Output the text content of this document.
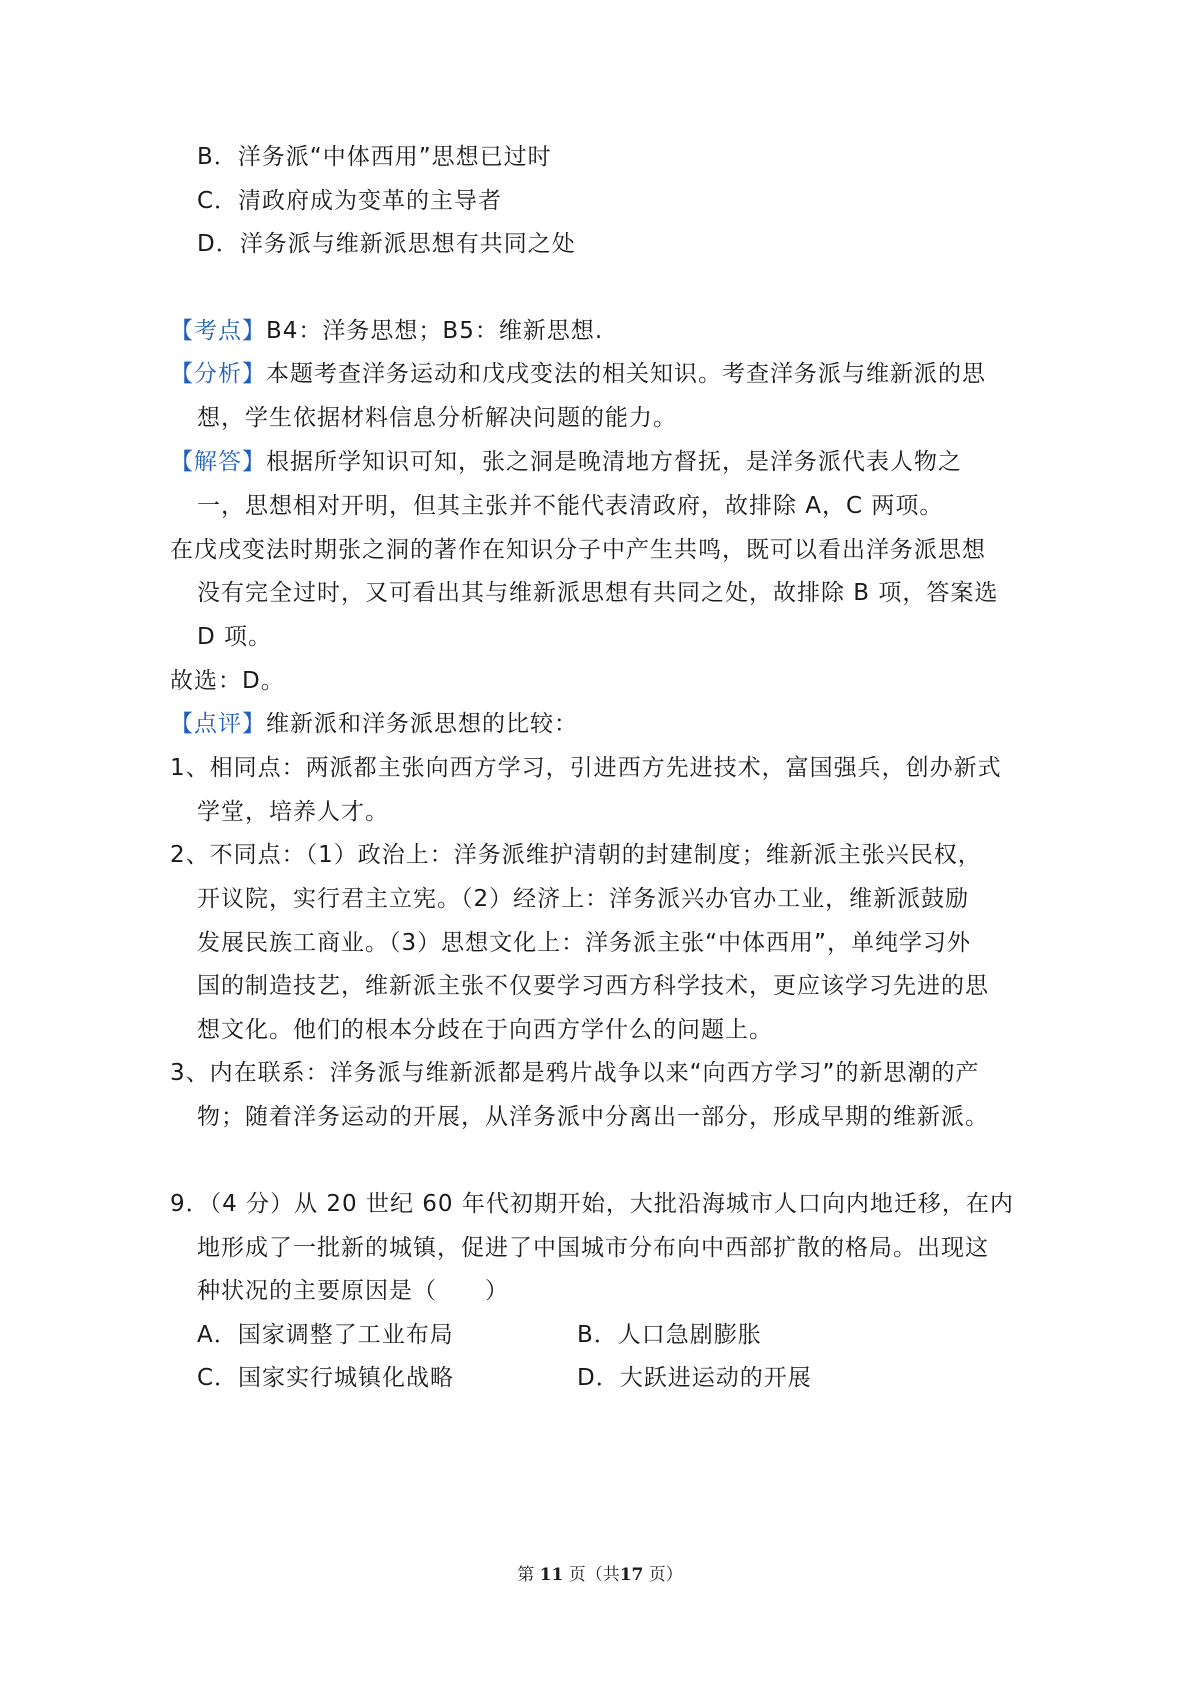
B．洋务派“中体西用”思想已过时
C．清政府成为变革的主导者
D．洋务派与维新派思想有共同之处
【考点】B4：洋务思想；B5：维新思想.
【分析】本题考查洋务运动和戊戌变法的相关知识。考查洋务派与维新派的思
想，学生依据材料信息分析解决问题的能力。
【解答】根据所学知识可知，张之洞是晚清地方督抚，是洋务派代表人物之
一，思想相对开明，但其主张并不能代表清政府，故排除 A，C 两项。
在戊戌变法时期张之洞的著作在知识分子中产生共鸣，既可以看出洋务派思想
没有完全过时，又可看出其与维新派思想有共同之处，故排除 B 项，答案选
D 项。
故选：D。
【点评】维新派和洋务派思想的比较：
1、相同点：两派都主张向西方学习，引进西方先进技术，富国强兵，创办新式
学堂，培养人才。
2、不同点：（1）政治上：洋务派维护清朝的封建制度；维新派主张兴民权，
开议院，实行君主立宪。（2）经济上：洋务派兴办官办工业，维新派鼓励
发展民族工商业。（3）思想文化上：洋务派主张“中体西用”，单纯学习外
国的制造技艺，维新派主张不仅要学习西方科学技术，更应该学习先进的思
想文化。他们的根本分歧在于向西方学什么的问题上。
3、内在联系：洋务派与维新派都是鸦片战争以来“向西方学习”的新思潮的产
物；随着洋务运动的开展，从洋务派中分离出一部分，形成早期的维新派。
9．（4 分）从 20 世纪 60 年代初期开始，大批沿海城市人口向内地迁移，在内
地形成了一批新的城镇，促进了中国城市分布向中西部扩散的格局。出现这
种状况的主要原因是（　　）
A．国家调整了工业布局	B．人口急剧膨胀
C．国家实行城镇化战略	D．大跃进运动的开展
第 11 页（共17 页）
